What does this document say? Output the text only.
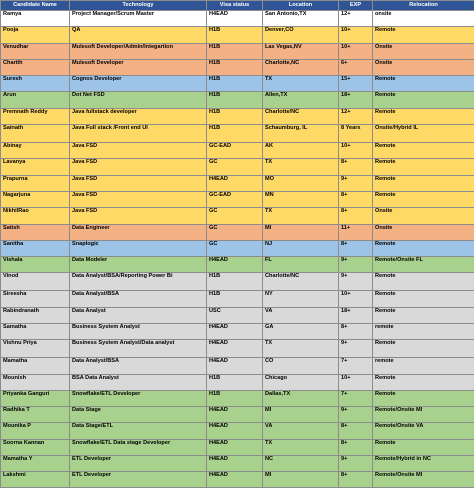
Candidate Name	Technology	Visa status	Location	EXP	Relocation
Ramya	Project Manager/Scrum Master	H4EAD	San Antonio,TX	12+	onsite
Pooja	QA	H1B	Denver,CO	10+	Remote
Venudhar	Mulesoft Developer/Admin/Integartion	H1B	Las Vegas,NV	10+	Onsite
Charith	Mulesoft Developer	H1B	Charlotte,NC	6+	Onsite
Suresh	Cognos Developer	H1B	TX	15+	Remote
Arun	Dot Net FSD	H1B	Allen,TX	18+	Remote
Premnath Reddy	Java fullstack developer	H1B	Charlotte/NC	12+	Remote
Sainath	Java Full stack /Front end UI	H1B	Schaumburg, IL	8 Years	Onsite/Hybrid IL
Abinay	Java FSD	GC-EAD	AK	10+	Remote
Lavanya	Java FSD	GC	TX	8+	Remote
Prapurna	Java FSD	H4EAD	MO	9+	Remote
Nagarjuna	Java FSD	GC-EAD	MN	8+	Remote
NikhilRao	Java FSD	GC	TX	8+	Onsite
Satish	Data Engineer	GC	MI	11+	Onsite
Sanitha	Snaplogic	GC	NJ	8+	Remote
Vishala	Data Modeler	H4EAD	FL	9+	Remote/Onsite FL
Vinod	Data Analyst/BSA/Reporting Power Bi	H1B	Charlotte/NC	9+	Remote
Sireesha	Data Analyst/BSA	H1B	NY	10+	Remote
Rabindranath	Data Analyst	USC	VA	18+	Remote
Samatha	Business System Analyst	H4EAD	GA	8+	remote
Vishnu Priya	Business System Analyst/Data analyst	H4EAD	TX	9+	Remote
Mamatha	Data Analyst/BSA	H4EAD	CO	7+	remote
Mounish	BSA Data Analyst	H1B	Chicago	10+	Remote
Priyanka Ganguri	Snowflake/ETL Developer	H1B	Dallas,TX	7+	Remote
Radhika T	Data Stage	H4EAD	MI	9+	Remote/Onsite MI
Mounika P	Data Stage/ETL	H4EAD	VA	8+	Remote/Onsite VA
Soorna Kannan	Snowflake/ETL Data stage Developer	H4EAD	TX	8+	Remote
Mamatha Y	ETL Developer	H4EAD	NC	9+	Remote/Hybrid in NC
Lakshmi	ETL Developer	H4EAD	MI	8+	Remote/Onsite MI
